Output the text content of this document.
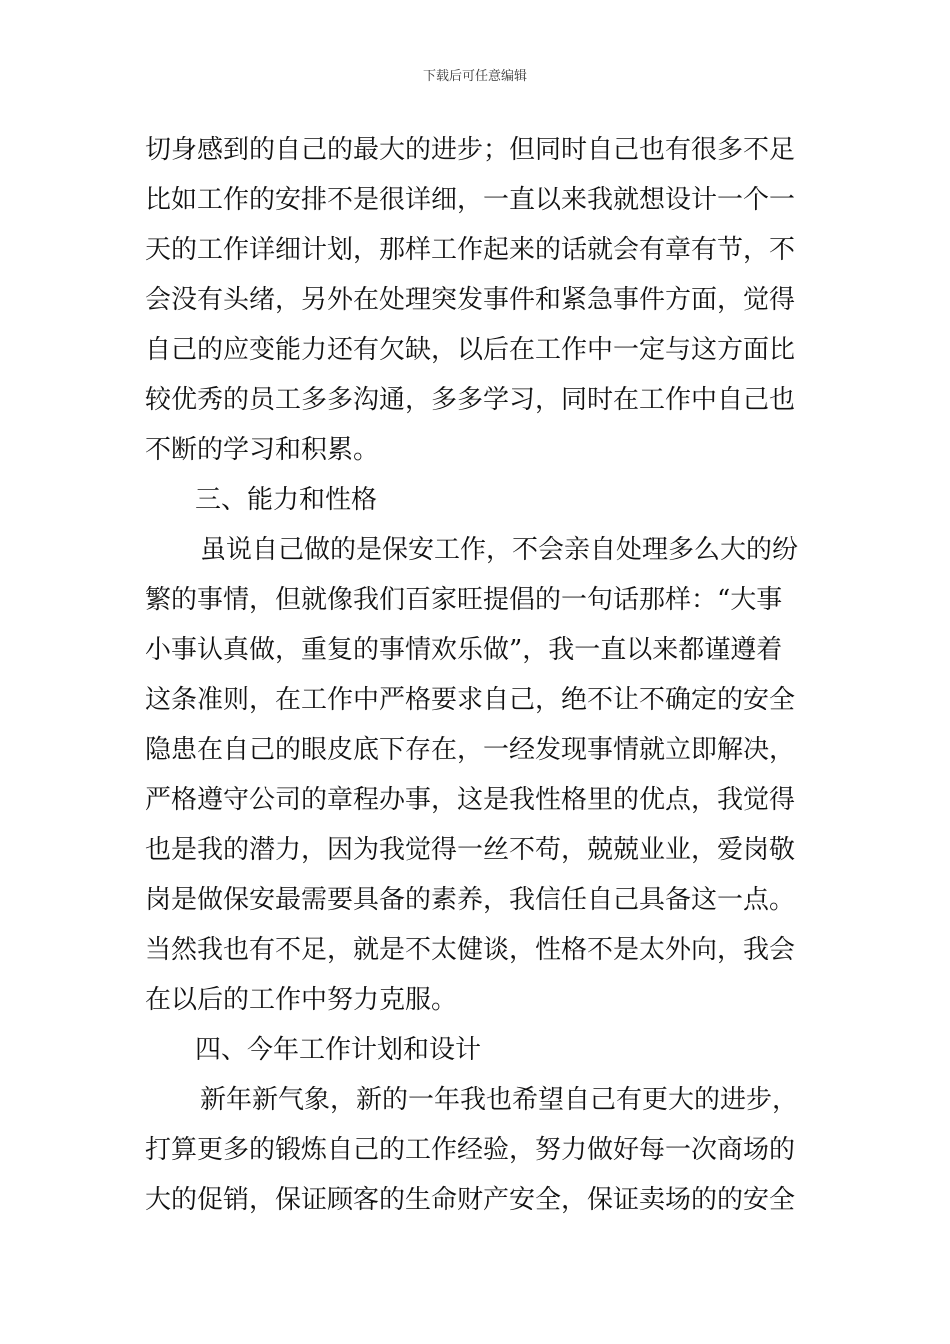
下载后可任意编辑
切身感到的自己的最大的进步；但同时自己也有很多不足
比如工作的安排不是很详细，一直以来我就想设计一个一
天的工作详细计划，那样工作起来的话就会有章有节，不
会没有头绪，另外在处理突发事件和紧急事件方面，觉得
自己的应变能力还有欠缺，以后在工作中一定与这方面比
较优秀的员工多多沟通，多多学习，同时在工作中自己也
不断的学习和积累。
三、能力和性格
虽说自己做的是保安工作，不会亲自处理多么大的纷
繁的事情，但就像我们百家旺提倡的一句话那样：“大事
小事认真做，重复的事情欢乐做”，我一直以来都谨遵着
这条准则，在工作中严格要求自己，绝不让不确定的安全
隐患在自己的眼皮底下存在，一经发现事情就立即解决，
严格遵守公司的章程办事，这是我性格里的优点，我觉得
也是我的潜力，因为我觉得一丝不苟，兢兢业业，爱岗敬
岗是做保安最需要具备的素养，我信任自己具备这一点。
当然我也有不足，就是不太健谈，性格不是太外向，我会
在以后的工作中努力克服。
四、今年工作计划和设计
新年新气象，新的一年我也希望自己有更大的进步，
打算更多的锻炼自己的工作经验，努力做好每一次商场的
大的促销，保证顾客的生命财产安全，保证卖场的的安全
